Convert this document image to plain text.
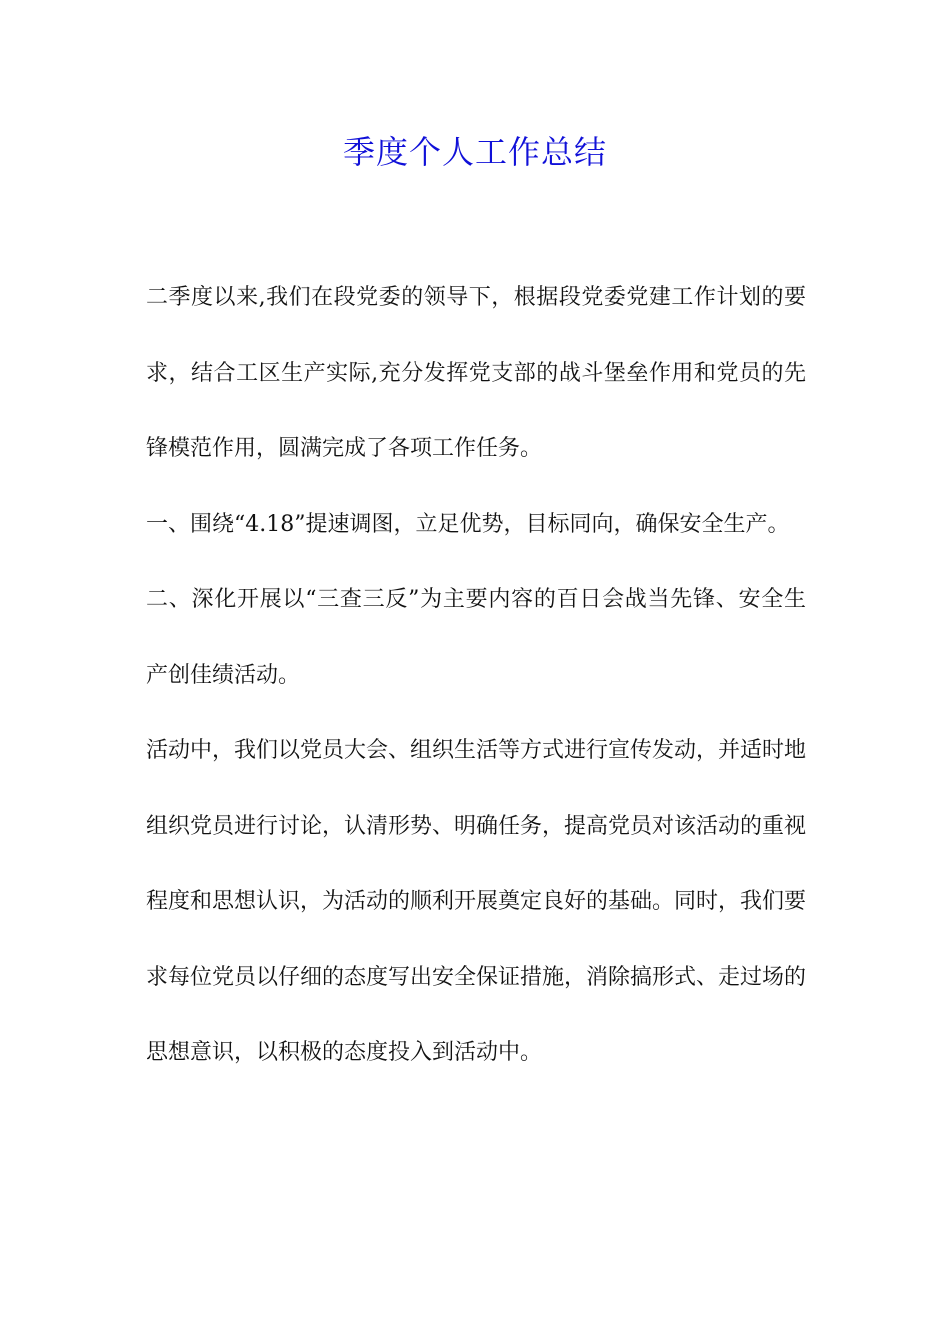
季度个人工作总结

二季度以来,我们在段党委的领导下，根据段党委党建工作计划的要求，结合工区生产实际,充分发挥党支部的战斗堡垒作用和党员的先锋模范作用，圆满完成了各项工作任务。

一、围绕“4.18”提速调图，立足优势，目标同向，确保安全生产。

二、深化开展以“三查三反”为主要内容的百日会战当先锋、安全生产创佳绩活动。

活动中，我们以党员大会、组织生活等方式进行宣传发动，并适时地组织党员进行讨论，认清形势、明确任务，提高党员对该活动的重视程度和思想认识，为活动的顺利开展奠定良好的基础。同时，我们要求每位党员以仔细的态度写出安全保证措施，消除搞形式、走过场的思想意识，以积极的态度投入到活动中。
